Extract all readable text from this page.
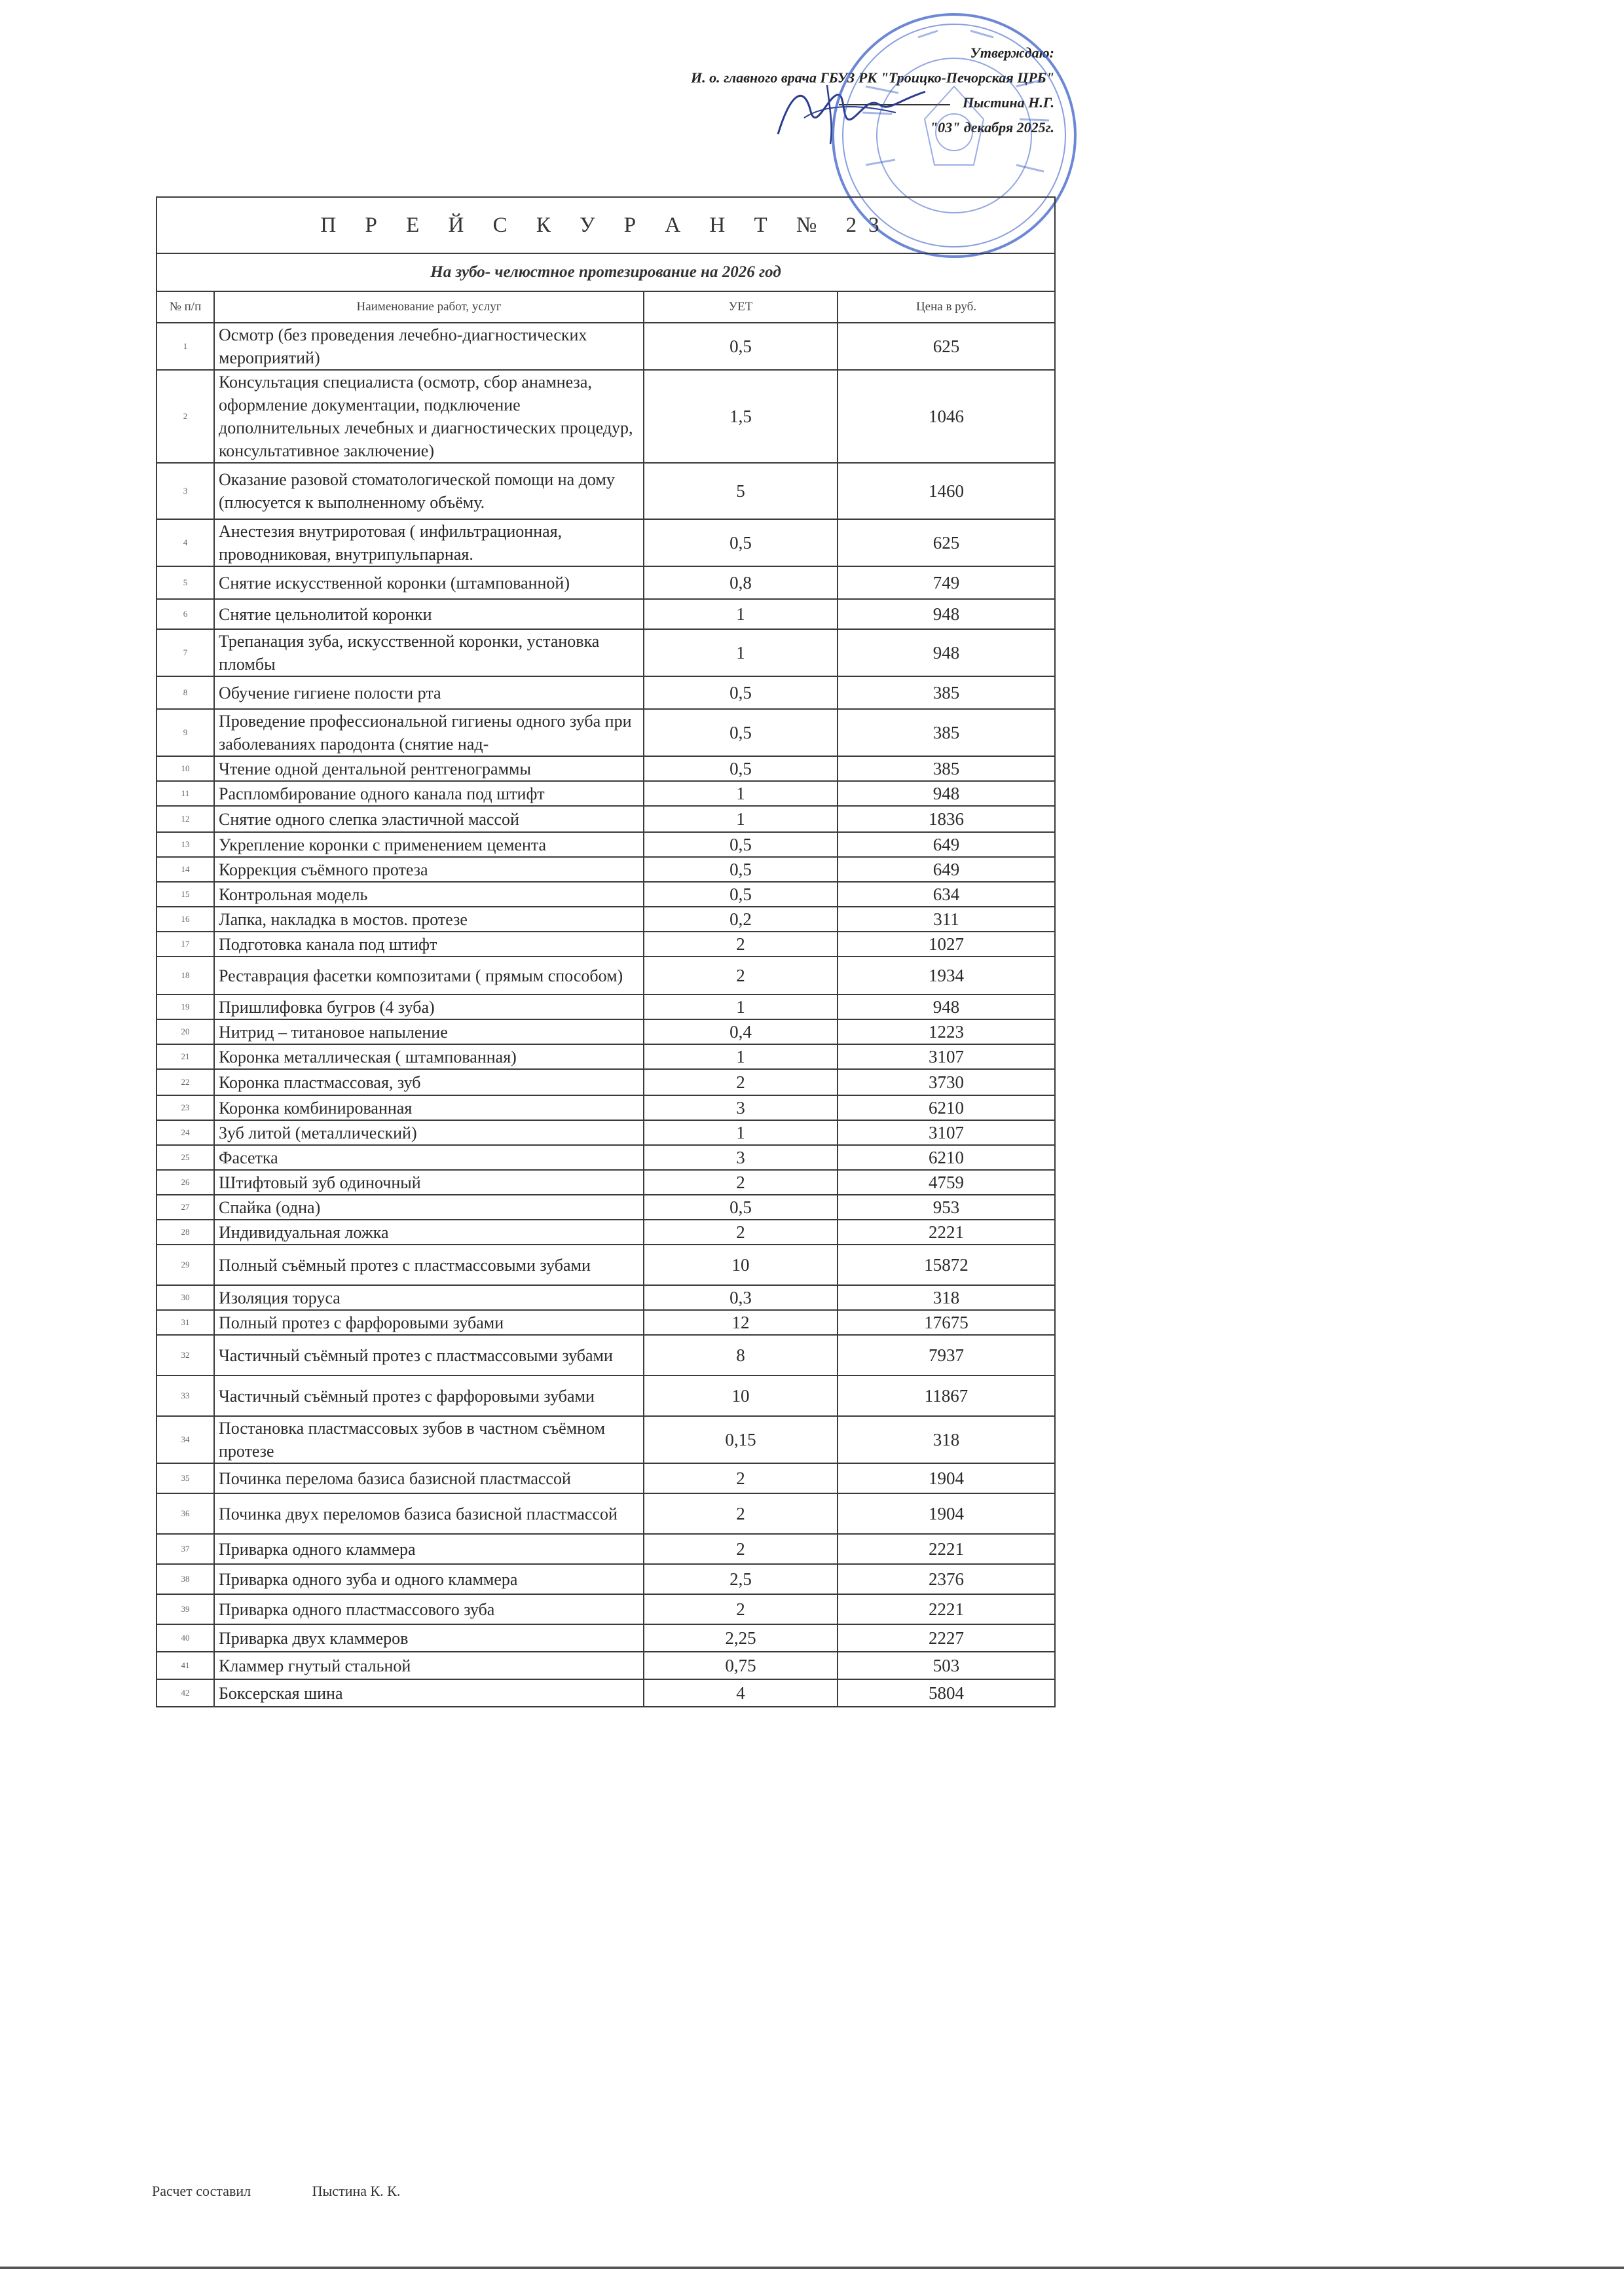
Утверждаю:
И. о. главного врача ГБУЗ РК "Троицко-Печорская ЦРБ"
Пыстина Н.Г.
"03" декабря 2025г.
П Р Е Й С К У Р А Н Т № 23			
На зубо- челюстное протезирование на 2026 год			
№ п/п	Наименование работ, услуг	УЕТ	Цена в руб.
1	Осмотр (без проведения лечебно-диагностических мероприятий)	0,5	625
2	Консультация специалиста (осмотр, сбор анамнеза, оформление документации, подключение дополнительных лечебных и диагностических процедур, консультативное заключение)	1,5	1046
3	Оказание разовой стоматологической помощи на дому (плюсуется к выполненному объёму.	5	1460
4	Анестезия внутриротовая ( инфильтрационная, проводниковая, внутрипульпарная.	0,5	625
5	Снятие искусственной коронки (штампованной)	0,8	749
6	Снятие цельнолитой коронки	1	948
7	Трепанация зуба, искусственной коронки, установка пломбы	1	948
8	Обучение гигиене полости рта	0,5	385
9	Проведение профессиональной гигиены одного зуба при заболеваниях пародонта (снятие над-	0,5	385
10	Чтение одной дентальной рентгенограммы	0,5	385
11	Распломбирование одного канала под штифт	1	948
12	Снятие одного слепка эластичной массой	1	1836
13	Укрепление коронки с применением цемента	0,5	649
14	Коррекция съёмного протеза	0,5	649
15	Контрольная модель	0,5	634
16	Лапка, накладка в мостов. протезе	0,2	311
17	Подготовка канала под штифт	2	1027
18	Реставрация фасетки композитами ( прямым способом)	2	1934
19	Пришлифовка бугров (4 зуба)	1	948
20	Нитрид – титановое напыление	0,4	1223
21	Коронка металлическая ( штампованная)	1	3107
22	Коронка пластмассовая, зуб	2	3730
23	Коронка комбинированная	3	6210
24	Зуб литой (металлический)	1	3107
25	Фасетка	3	6210
26	Штифтовый зуб одиночный	2	4759
27	Спайка (одна)	0,5	953
28	Индивидуальная ложка	2	2221
29	Полный съёмный протез с пластмассовыми зубами	10	15872
30	Изоляция торуса	0,3	318
31	Полный протез с фарфоровыми зубами	12	17675
32	Частичный съёмный протез с пластмассовыми зубами	8	7937
33	Частичный съёмный протез с фарфоровыми зубами	10	11867
34	Постановка пластмассовых зубов в частном съёмном протезе	0,15	318
35	Починка перелома базиса базисной пластмассой	2	1904
36	Починка двух переломов базиса базисной пластмассой	2	1904
37	Приварка одного кламмера	2	2221
38	Приварка одного зуба и одного кламмера	2,5	2376
39	Приварка одного пластмассового зуба	2	2221
40	Приварка двух кламмеров	2,25	2227
41	Кламмер гнутый стальной	0,75	503
42	Боксерская шина	4	5804
Расчет составил	Пыстина К. К.
